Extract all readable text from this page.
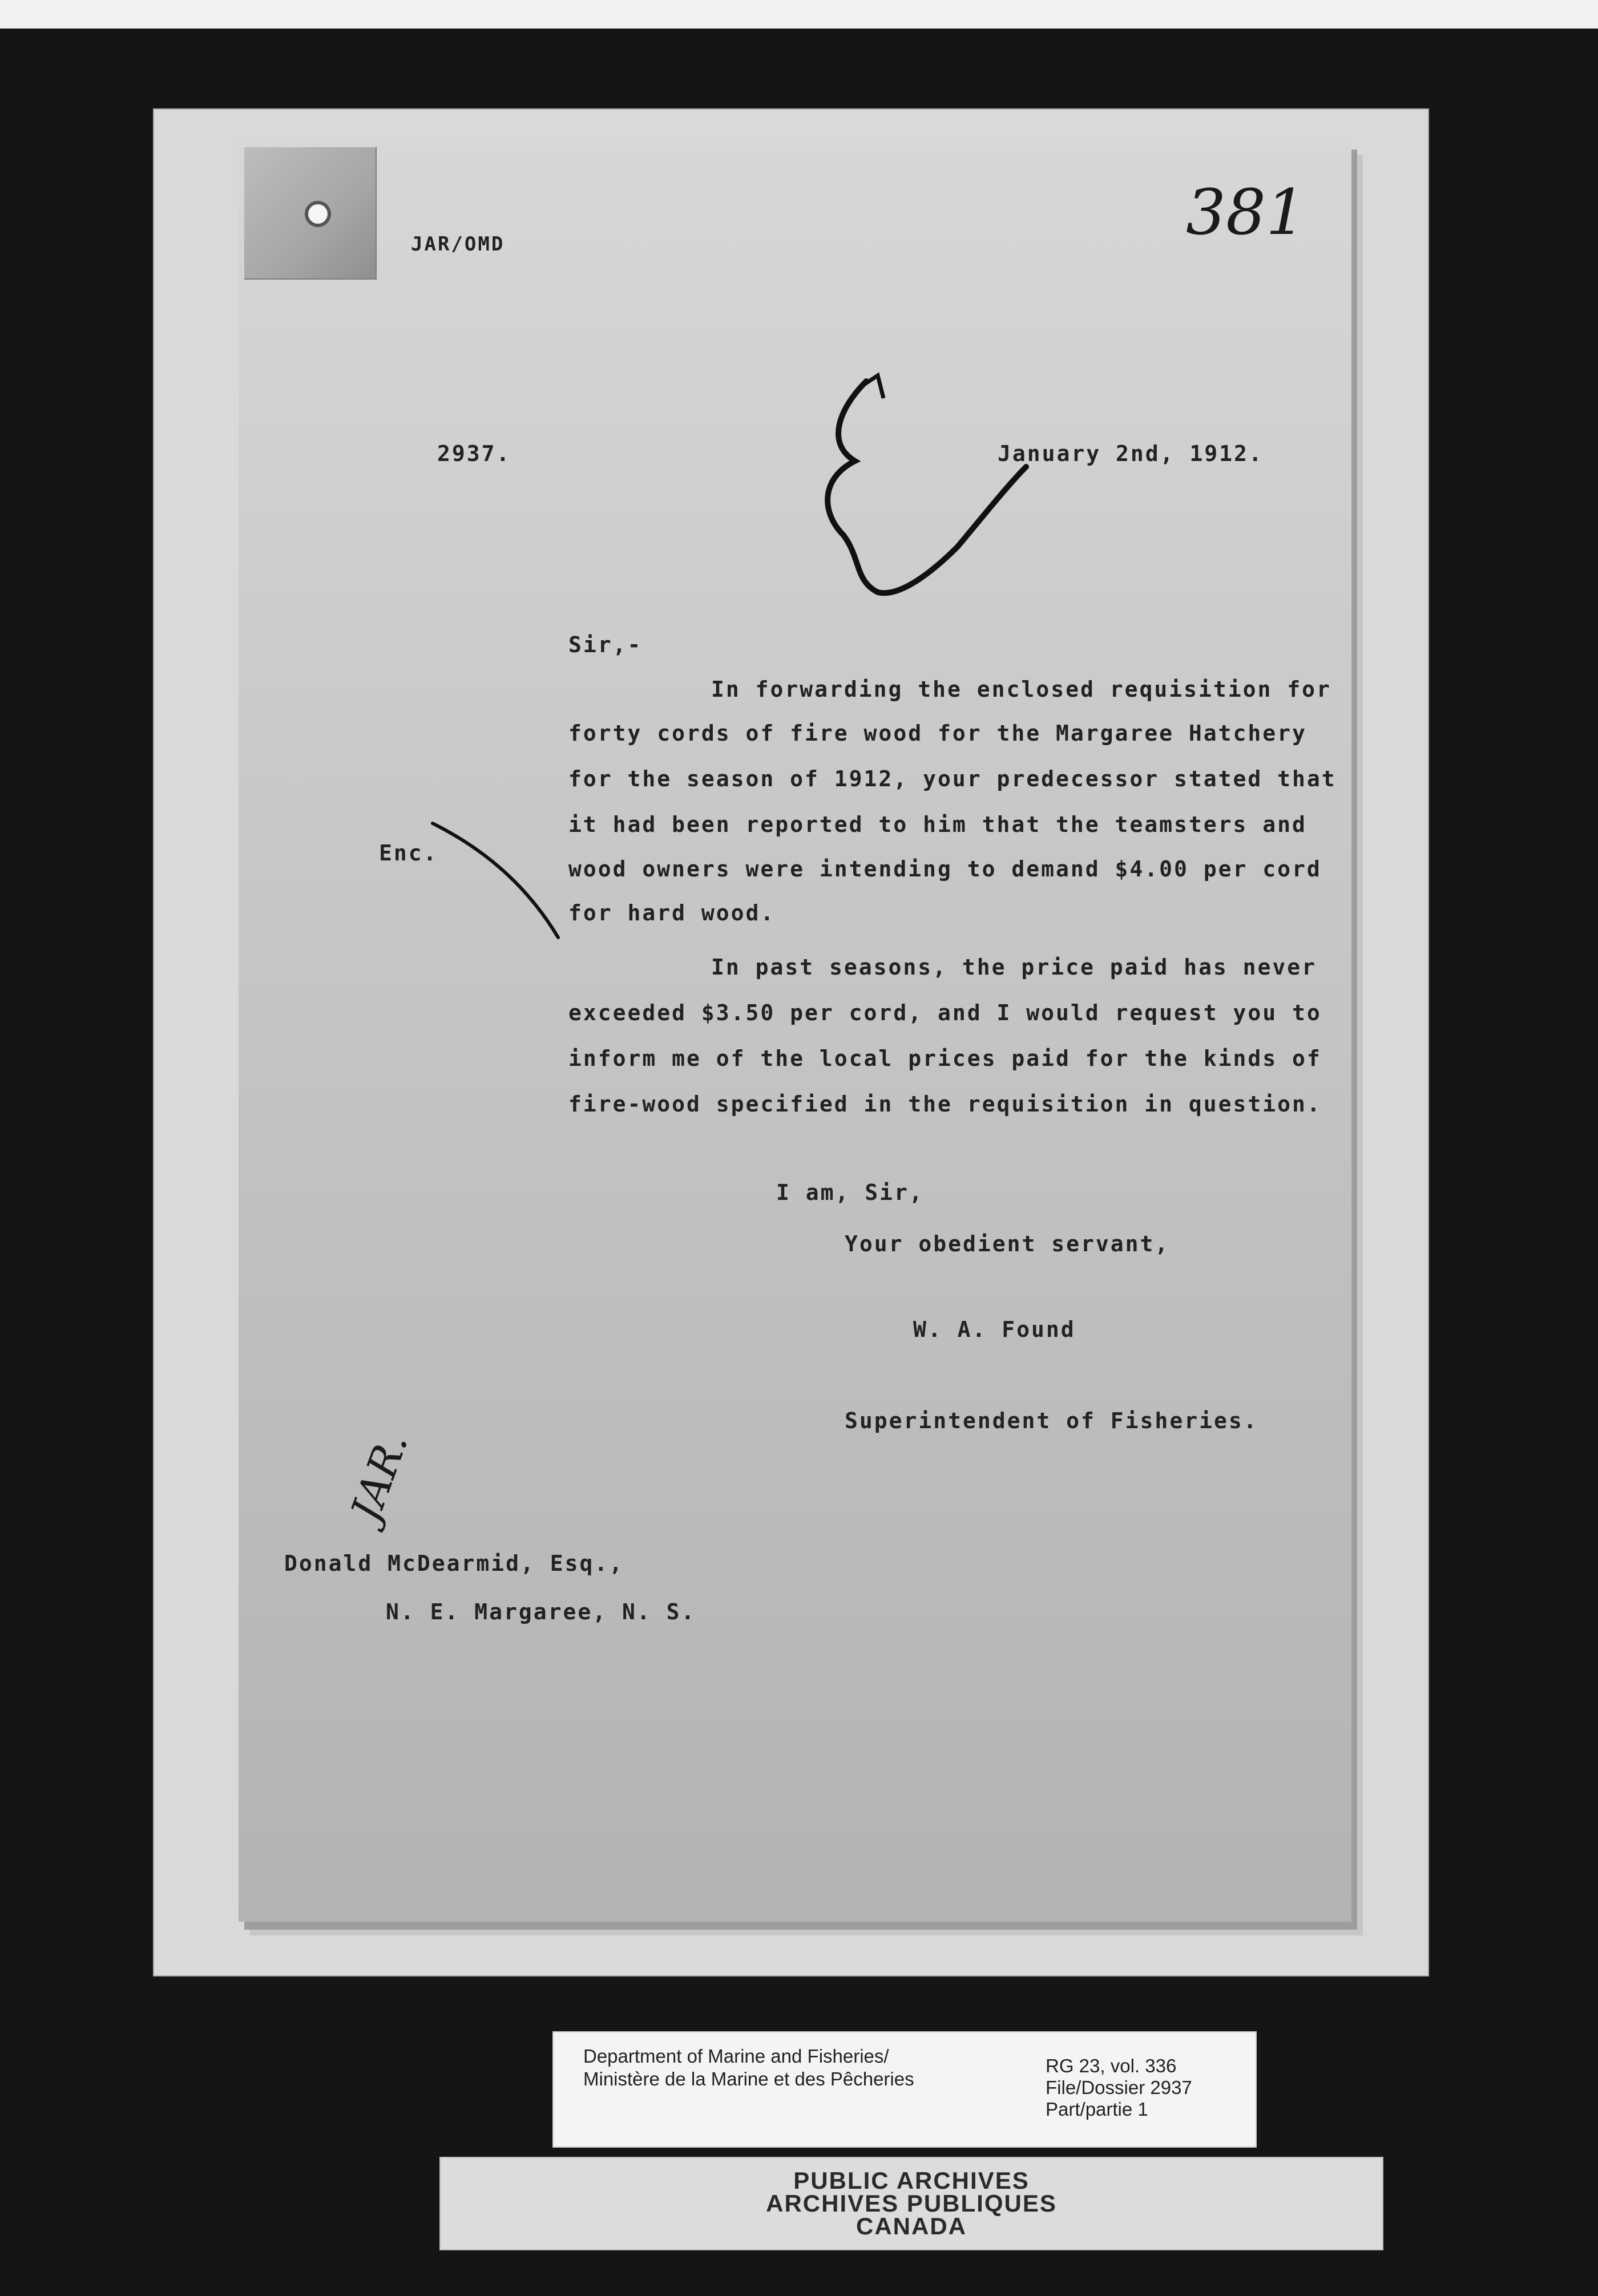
JAR/OMD	381
2937.	January 2nd, 1912.
Sir,-
Enc.
In forwarding the enclosed requisition for
forty cords of fire wood for the Margaree Hatchery
for the season of 1912, your predecessor stated that
it had been reported to him that the teamsters and
wood owners were intending to demand $4.00 per cord
for hard wood.
In past seasons, the price paid has never
exceeded $3.50 per cord, and I would request you to
inform me of the local prices paid for the kinds of
fire-wood specified in the requisition in question.
I am, Sir,
Your obedient servant,
W. A. Found
Superintendent of Fisheries.
Donald McDearmid, Esq.,
JAR.
N. E. Margaree, N. S.
Department of Marine and Fisheries/
Ministère de la Marine et des Pêcheries
RG 23, vol. 336
File/Dossier 2937
Part/partie 1
PUBLIC ARCHIVES
ARCHIVES PUBLIQUES
CANADA
